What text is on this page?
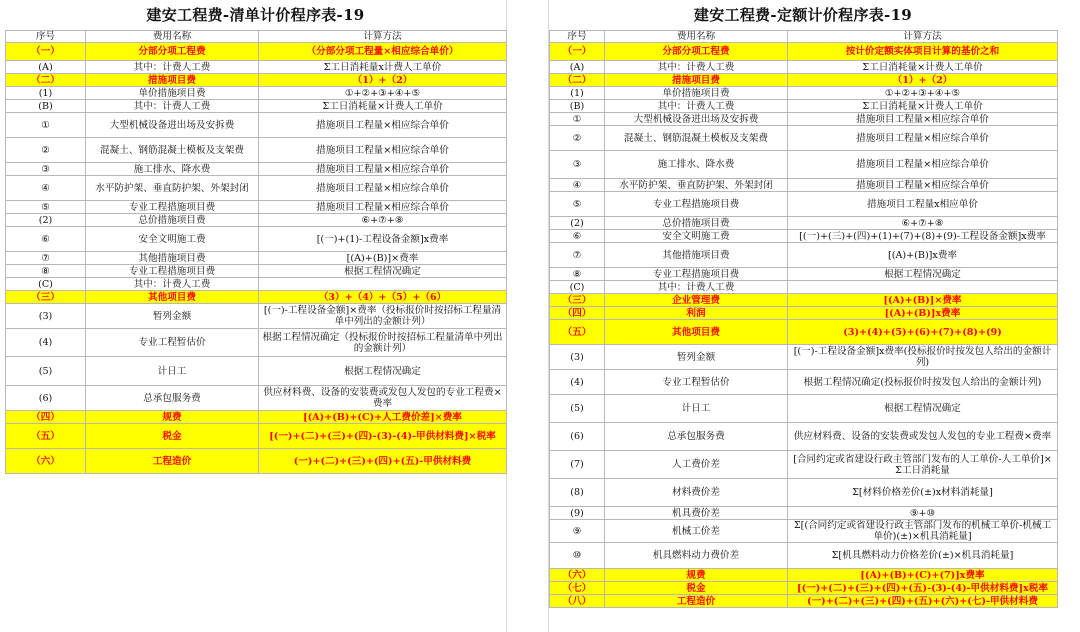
建安工程费-清单计价程序表-19
序号	费用名称	计算方法
（一）	分部分项工程费	（分部分项工程量×相应综合单价）
(A)	其中：计费人工费	Σ工日消耗量x计费人工单价
（二）	措施项目费	（1）+（2）
(1)	单价措施项目费	①+②+③+④+⑤
(B)	其中：计费人工费	Σ工日消耗量×计费人工单价
①	大型机械设备进出场及安拆费	措施项目工程量×相应综合单价
②	混凝土、钢筋混凝土模板及支架费	措施项目工程量×相应综合单价
③	施工排水、降水费	措施项目工程量×相应综合单价
④	水平防护架、垂直防护架、外架封闭	措施项目工程量×相应综合单价
⑤	专业工程措施项目费	措施项目工程量×相应综合单价
(2)	总价措施项目费	⑥+⑦+⑧
⑥	安全文明施工费	[(一)+(1)-工程设备金额]x费率
⑦	其他措施项目费	[(A)+(B)]×费率
⑧	专业工程措施项目费	根据工程情况确定
(C)	其中：计费人工费	
（三）	其他项目费	（3）+（4）+（5）+（6）
(3)	暂列金额	[(一)-工程设备金额]×费率（投标报价时按招标工程量清单中列出的金额计列）
(4)	专业工程暂估价	根据工程情况确定（投标报价时按招标工程量清单中列出的金额计列）
(5)	计日工	根据工程情况确定
(6)	总承包服务费	供应材料费、设备的安装费或发包人发包的专业工程费×费率
（四）	规费	[(A)+(B)+(C)+人工费价差]×费率
（五）	税金	[(一)+(二)+(三)+(四)-(3)-(4)-甲供材料费]×税率
（六）	工程造价	(一)+(二)+(三)+(四)+(五)-甲供材料费
建安工程费-定额计价程序表-19
序号	费用名称	计算方法
（一）	分部分项工程费	按计价定额实体项目计算的基价之和
(A)	其中：计费人工费	Σ工日消耗量×计费人工单价
（二）	措施项目费	（1）+（2）
(1)	单价措施项目费	①+②+③+④+⑤
(B)	其中：计费人工费	Σ工日消耗量×计费人工单价
①	大型机械设备进出场及安拆费	措施项目工程量×相应综合单价
②	混凝土、钢筋混凝土模板及支架费	措施项目工程量×相应综合单价
③	施工排水、降水费	措施项目工程量×相应综合单价
④	水平防护架、垂直防护架、外架封闭	措施项目工程量×相应综合单价
⑤	专业工程措施项目费	措施项目工程量x相应单价
(2)	总价措施项目费	⑥+⑦+⑧
⑥	安全文明施工费	[(一)+(三)+(四)+(1)+(7)+(8)+(9)-工程设备金额]x费率
⑦	其他措施项目费	[(A)+(B)]x费率
⑧	专业工程措施项目费	根据工程情况确定
(C)	其中：计费人工费	
（三）	企业管理费	[(A)+(B)]×费率
（四）	利润	[(A)+(B)]x费率
（五）	其他项目费	(3)+(4)+(5)+(6)+(7)+(8)+(9)
(3)	暂列金额	[(一)-工程设备金额]x费率(投标报价时按发包人给出的金额计列)
(4)	专业工程暂估价	根据工程情况确定(投标报价时按发包人给出的金额计列)
(5)	计日工	根据工程情况确定
(6)	总承包服务费	供应材料费、设备的安装费或发包人发包的专业工程费×费率
(7)	人工费价差	[合同约定或省建设行政主管部门发布的人工单价-人工单价]×Σ工日消耗量
(8)	材料费价差	Σ[材料价格差价(±)x材料消耗量]
(9)	机具费价差	⑨+⑩
⑨	机械工价差	Σ[(合同约定或省建设行政主管部门发布的机械工单价-机械工单价)(±)×机具消耗量]
⑩	机具燃料动力费价差	Σ[机具燃料动力价格差价(±)×机具消耗量]
（六）	规费	[(A)+(B)+(C)+(7)]x费率
（七）	税金	[(一)+(二)+(三)+(四)+(五)-(3)-(4)-甲供材料费]x税率
（八）	工程造价	(一)+(二)+(三)+(四)+(五)+(六)+(七)-甲供材料费
